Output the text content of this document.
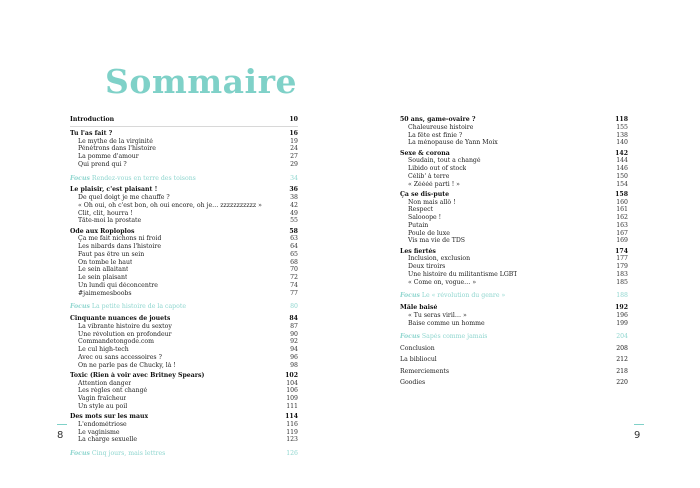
Sommaire
Introduction	10
Tu l'as fait ?	16
Le mythe de la virginité	19
Pénétrons dans l'histoire	24
La pomme d'amour	27
Qui prend qui ?	29
Focus Rendez-vous en terre des toisons	34
Le plaisir, c'est plaisant !	36
De quel doigt je me chauffe ?	38
« Oh oui, oh c'est bon, oh oui encore, oh je… zzzzzzzzzzz »	42
Clit, clit, hourra !	49
Tâte-moi la prostate	55
Ode aux Roploplos	58
Ça me fait nichons ni froid	63
Les nibards dans l'histoire	64
Faut pas être un sein	65
On tombe le haut	68
Le sein allaitant	70
Le sein plaisant	72
Un lundi qui déconcentre	74
#jaimemesboobs	77
Focus La petite histoire de la capote	80
Cinquante nuances de jouets	84
La vibrante histoire du sextoy	87
Une révolution en profondeur	90
Commandetongode.com	92
Le cul high-tech	94
Avec ou sans accessoires ?	96
On ne parle pas de Chucky, là !	98
Toxic (Rien à voir avec Britney Spears)	102
Attention danger	104
Les règles ont changé	106
Vagin fraîcheur	109
Un style au poil	111
Des mots sur les maux	114
L'endométriose	116
Le vaginisme	119
La charge sexuelle	123
Focus Cinq jours, mais lettres	126
50 ans, game-ovaire ?	118
Chaleureuse histoire	155
La fête est finie ?	138
La ménopause de Yann Moix	140
Sexe & corona	142
Soudain, tout a changé	144
Libido out of stock	146
Célib' à terre	150
« Zéééé parti ! »	154
Ça se dis-pute	158
Non mais allô !	160
Respect	161
Salooope !	162
Putain	163
Poule de luxe	167
Vis ma vie de TDS	169
Les fiertés	174
Inclusion, exclusion	177
Deux tiroirs	179
Une histoire du militantisme LGBT	183
« Come on, vogue… »	185
Focus Le « révolution du genre »	188
Mâle baisé	192
« Tu seras viril… »	196
Baise comme un homme	199
Focus Sapés comme jamais	204
Conclusion	208
La bibliocul	212
Remerciements	218
Goodies	220
8	9
